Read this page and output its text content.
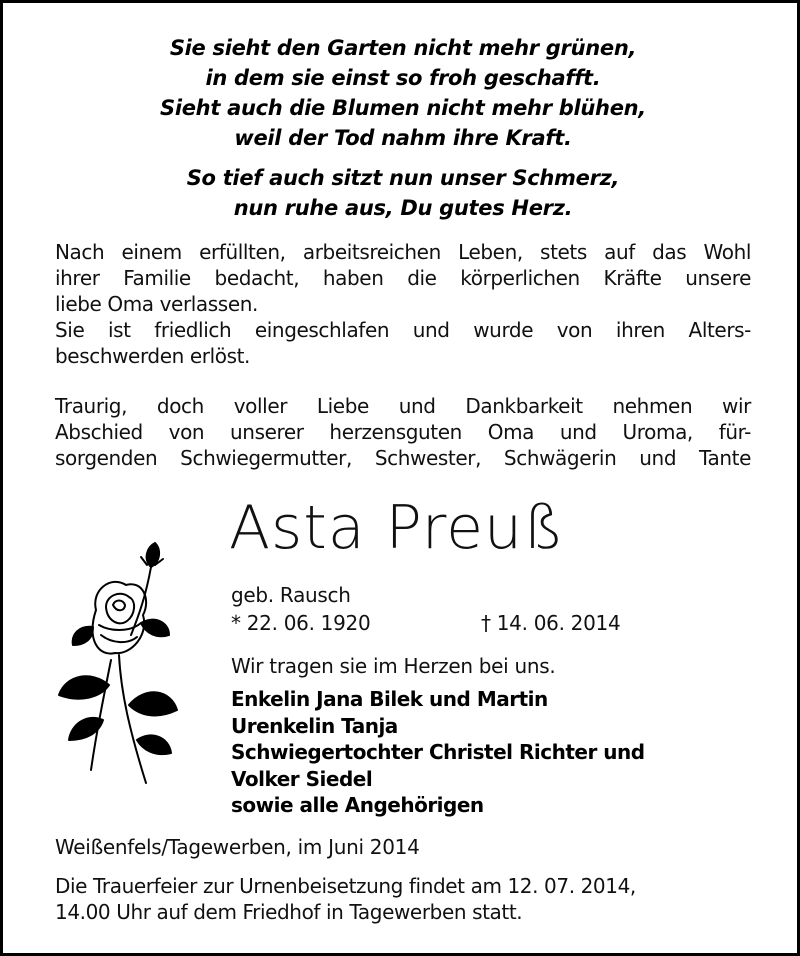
Sie sieht den Garten nicht mehr grünen,
in dem sie einst so froh geschafft.
Sieht auch die Blumen nicht mehr blühen,
weil der Tod nahm ihre Kraft.
So tief auch sitzt nun unser Schmerz,
nun ruhe aus, Du gutes Herz.
Nach einem erfüllten, arbeitsreichen Leben, stets auf das Wohl
ihrer Familie bedacht, haben die körperlichen Kräfte unsere
liebe Oma verlassen.
Sie ist friedlich eingeschlafen und wurde von ihren Alters-
beschwerden erlöst.
Traurig, doch voller Liebe und Dankbarkeit nehmen wir
Abschied von unserer herzensguten Oma und Uroma, für-
sorgenden Schwiegermutter, Schwester, Schwägerin und Tante
Asta Preuß
geb. Rausch
* 22. 06. 1920	† 14. 06. 2014
Wir tragen sie im Herzen bei uns.
Enkelin Jana Bilek und Martin
Urenkelin Tanja
Schwiegertochter Christel Richter und
Volker Siedel
sowie alle Angehörigen
Weißenfels/Tagewerben, im Juni 2014
Die Trauerfeier zur Urnenbeisetzung findet am 12. 07. 2014,
14.00 Uhr auf dem Friedhof in Tagewerben statt.
